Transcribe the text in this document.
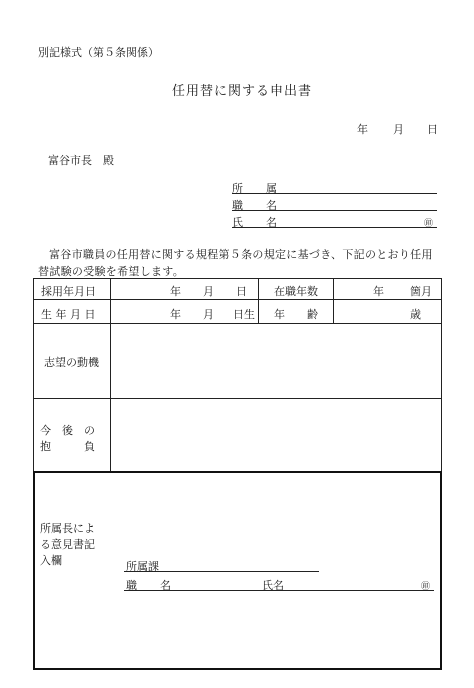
別記様式（第５条関係）
任用替に関する申出書
年 月 日
富谷市長　殿
所　属
職　名
氏　名	㊞
富谷市職員の任用替に関する規程第５条の規定に基づき、下記のとおり任用替試験の受験を希望します。
採用年月日	年 月 日 在職年数	年 箇月
生 年 月 日	年 月 日生 年　　齢	歳
志望の動機
今　後　の
抱　　　負
所属長によ
る意見書記
入欄	所属課
職　名	氏名	㊞
